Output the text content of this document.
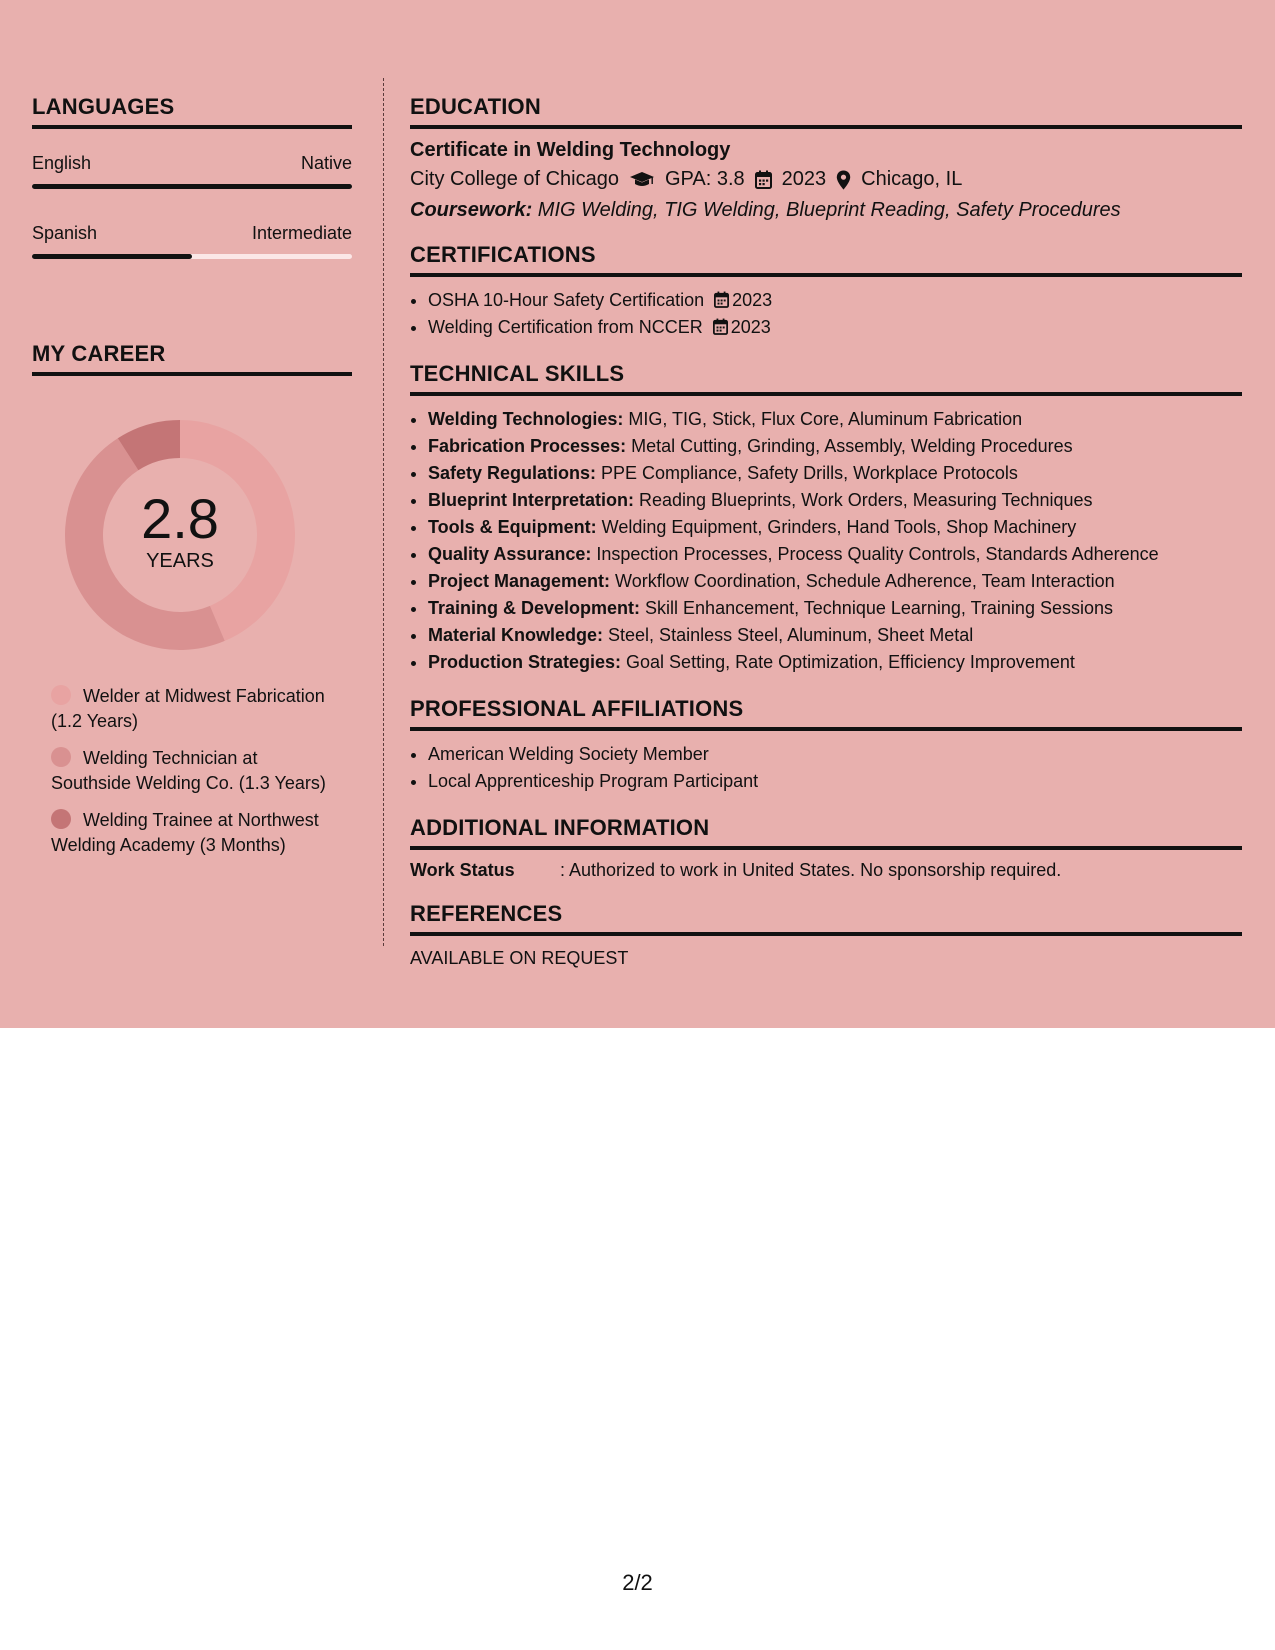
LANGUAGES
English	Native
Spanish	Intermediate
MY CAREER
2.8
YEARS
Welder at Midwest Fabrication (1.2 Years)
Welding Technician at Southside Welding Co. (1.3 Years)
Welding Trainee at Northwest Welding Academy (3 Months)
EDUCATION
Certificate in Welding Technology
City College of Chicago GPA: 3.8 2023 Chicago, IL
Coursework: MIG Welding, TIG Welding, Blueprint Reading, Safety Procedures
CERTIFICATIONS
• OSHA 10-Hour Safety Certification 2023
• Welding Certification from NCCER 2023
TECHNICAL SKILLS
• Welding Technologies: MIG, TIG, Stick, Flux Core, Aluminum Fabrication
• Fabrication Processes: Metal Cutting, Grinding, Assembly, Welding Procedures
• Safety Regulations: PPE Compliance, Safety Drills, Workplace Protocols
• Blueprint Interpretation: Reading Blueprints, Work Orders, Measuring Techniques
• Tools & Equipment: Welding Equipment, Grinders, Hand Tools, Shop Machinery
• Quality Assurance: Inspection Processes, Process Quality Controls, Standards Adherence
• Project Management: Workflow Coordination, Schedule Adherence, Team Interaction
• Training & Development: Skill Enhancement, Technique Learning, Training Sessions
• Material Knowledge: Steel, Stainless Steel, Aluminum, Sheet Metal
• Production Strategies: Goal Setting, Rate Optimization, Efficiency Improvement
PROFESSIONAL AFFILIATIONS
• American Welding Society Member
• Local Apprenticeship Program Participant
ADDITIONAL INFORMATION
Work Status	: Authorized to work in United States. No sponsorship required.
REFERENCES
AVAILABLE ON REQUEST
2/2
